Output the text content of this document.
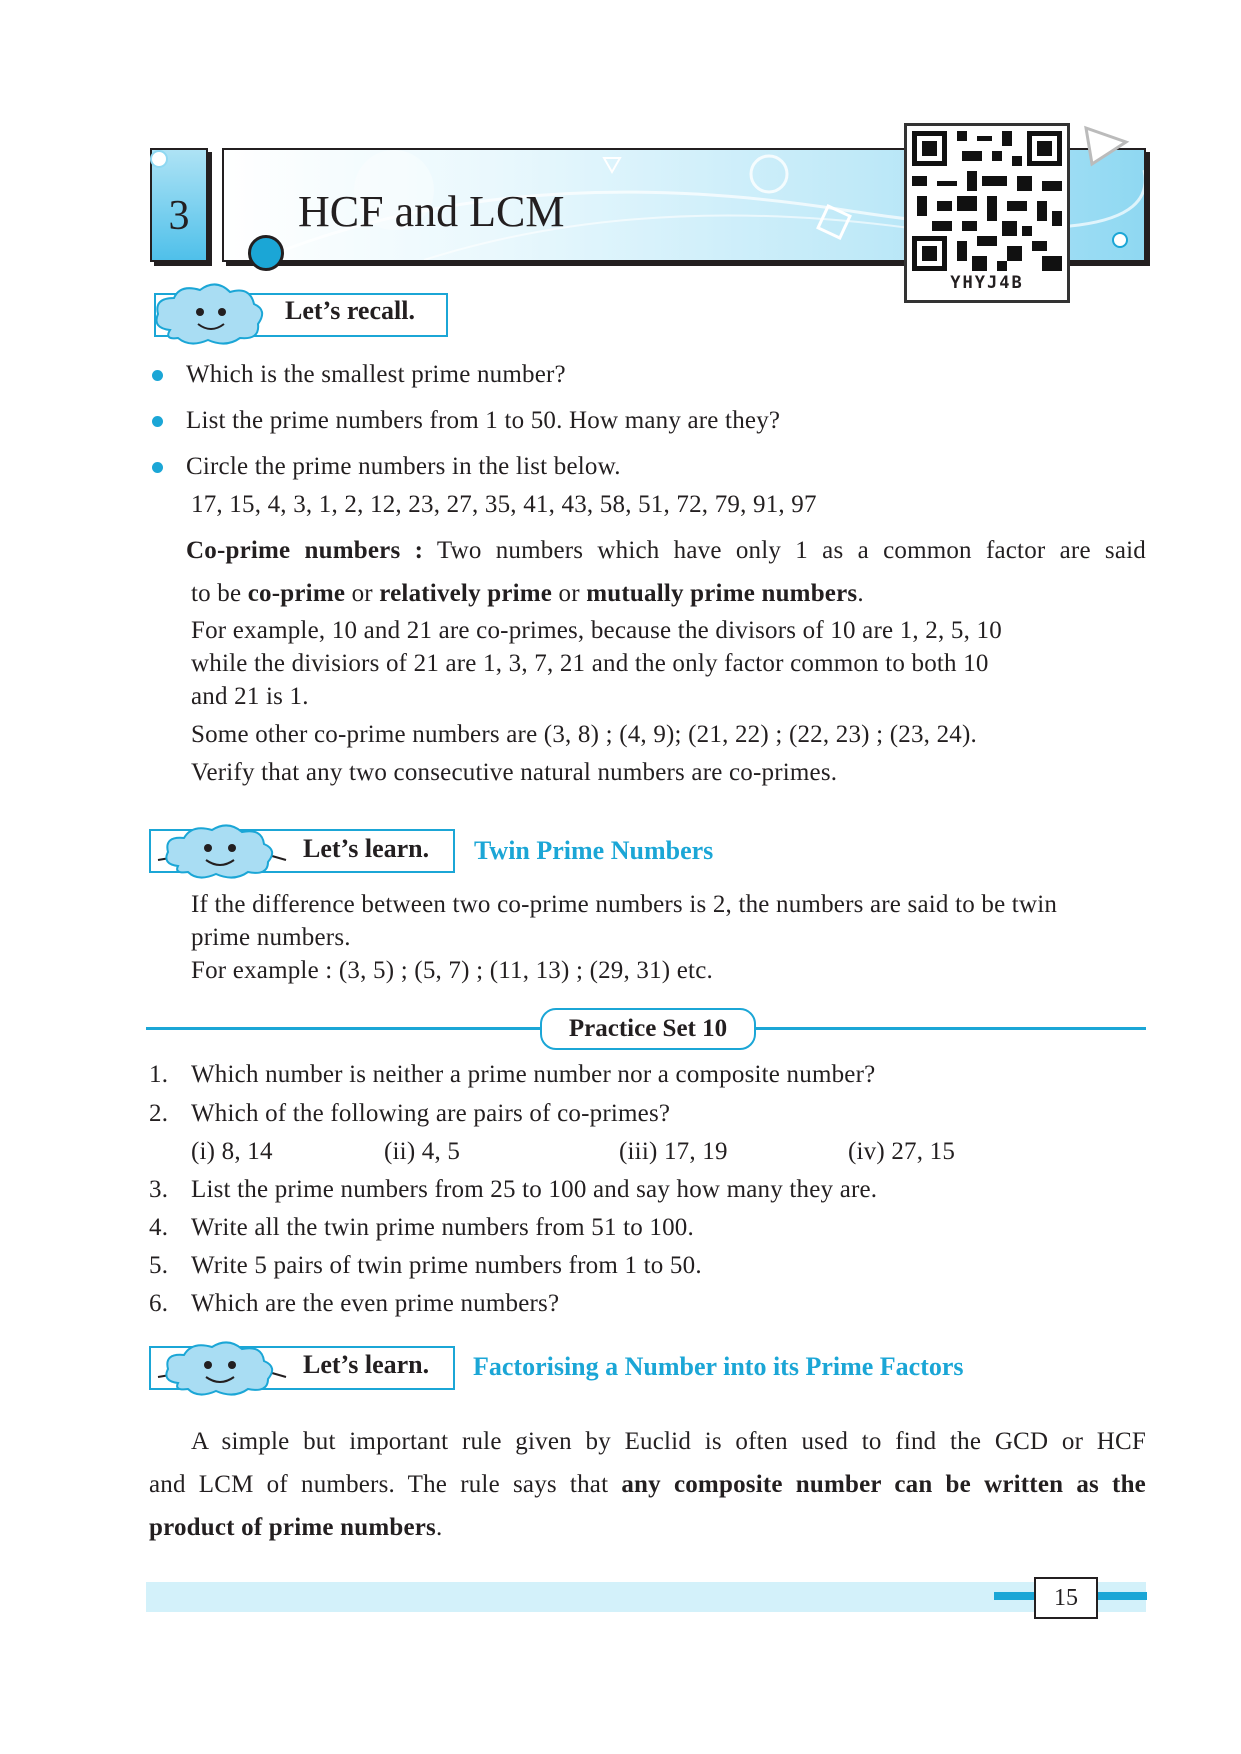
3	HCF and LCM
YHYJ4B
Let’s recall.
Which is the smallest prime number?
List the prime numbers from 1 to 50. How many are they?
Circle the prime numbers in the list below.
17, 15, 4, 3, 1, 2, 12, 23, 27, 35, 41, 43, 58, 51, 72, 79, 91, 97
Co-prime numbers : Two numbers which have only 1 as a common factor are said
to be co-prime or relatively prime or mutually prime numbers.
For example, 10 and 21 are co-primes, because the divisors of 10 are 1, 2, 5, 10
while the divisiors of 21 are 1, 3, 7, 21 and the only factor common to both 10
and 21 is 1.
Some other co-prime numbers are (3, 8) ; (4, 9); (21, 22) ; (22, 23) ; (23, 24).
Verify that any two consecutive natural numbers are co-primes.
Let’s learn. Twin Prime Numbers
If the difference between two co-prime numbers is 2, the numbers are said to be twin
prime numbers.
For example : (3, 5) ; (5, 7) ; (11, 13) ; (29, 31) etc.
Practice Set 10
1. Which number is neither a prime number nor a composite number?
2. Which of the following are pairs of co-primes?
(i) 8, 14	(ii) 4, 5	(iii) 17, 19	(iv) 27, 15
3. List the prime numbers from 25 to 100 and say how many they are.
4. Write all the twin prime numbers from 51 to 100.
5. Write 5 pairs of twin prime numbers from 1 to 50.
6. Which are the even prime numbers?
Let’s learn. Factorising a Number into its Prime Factors
A simple but important rule given by Euclid is often used to find the GCD or HCF
and LCM of numbers. The rule says that any composite number can be written as the
product of prime numbers.
15
